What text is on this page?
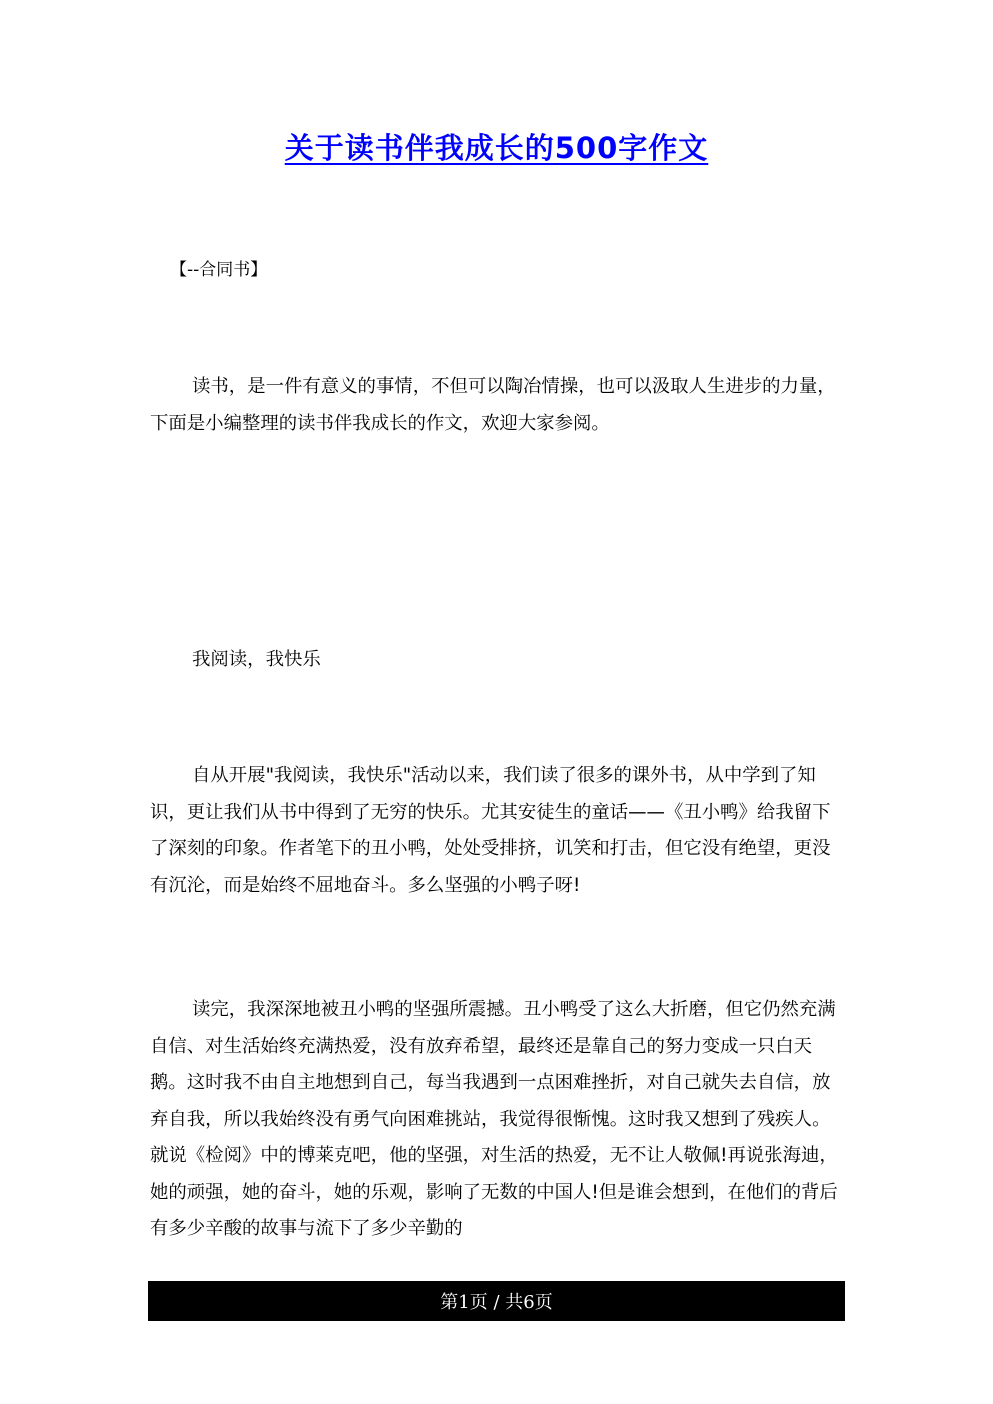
关于读书伴我成长的500字作文

【--合同书】

读书，是一件有意义的事情，不但可以陶冶情操，也可以汲取人生进步的力量，下面是小编整理的读书伴我成长的作文，欢迎大家参阅。

我阅读，我快乐

自从开展"我阅读，我快乐"活动以来，我们读了很多的课外书，从中学到了知识，更让我们从书中得到了无穷的快乐。尤其安徒生的童话——《丑小鸭》给我留下了深刻的印象。作者笔下的丑小鸭，处处受排挤，讥笑和打击，但它没有绝望，更没有沉沦，而是始终不屈地奋斗。多么坚强的小鸭子呀!

读完，我深深地被丑小鸭的坚强所震撼。丑小鸭受了这么大折磨，但它仍然充满自信、对生活始终充满热爱，没有放弃希望，最终还是靠自己的努力变成一只白天鹅。这时我不由自主地想到自己，每当我遇到一点困难挫折，对自己就失去自信，放弃自我，所以我始终没有勇气向困难挑站，我觉得很惭愧。这时我又想到了残疾人。就说《检阅》中的博莱克吧，他的坚强，对生活的热爱，无不让人敬佩!再说张海迪，她的顽强，她的奋斗，她的乐观，影响了无数的中国人!但是谁会想到，在他们的背后有多少辛酸的故事与流下了多少辛勤的

第1页 / 共6页
